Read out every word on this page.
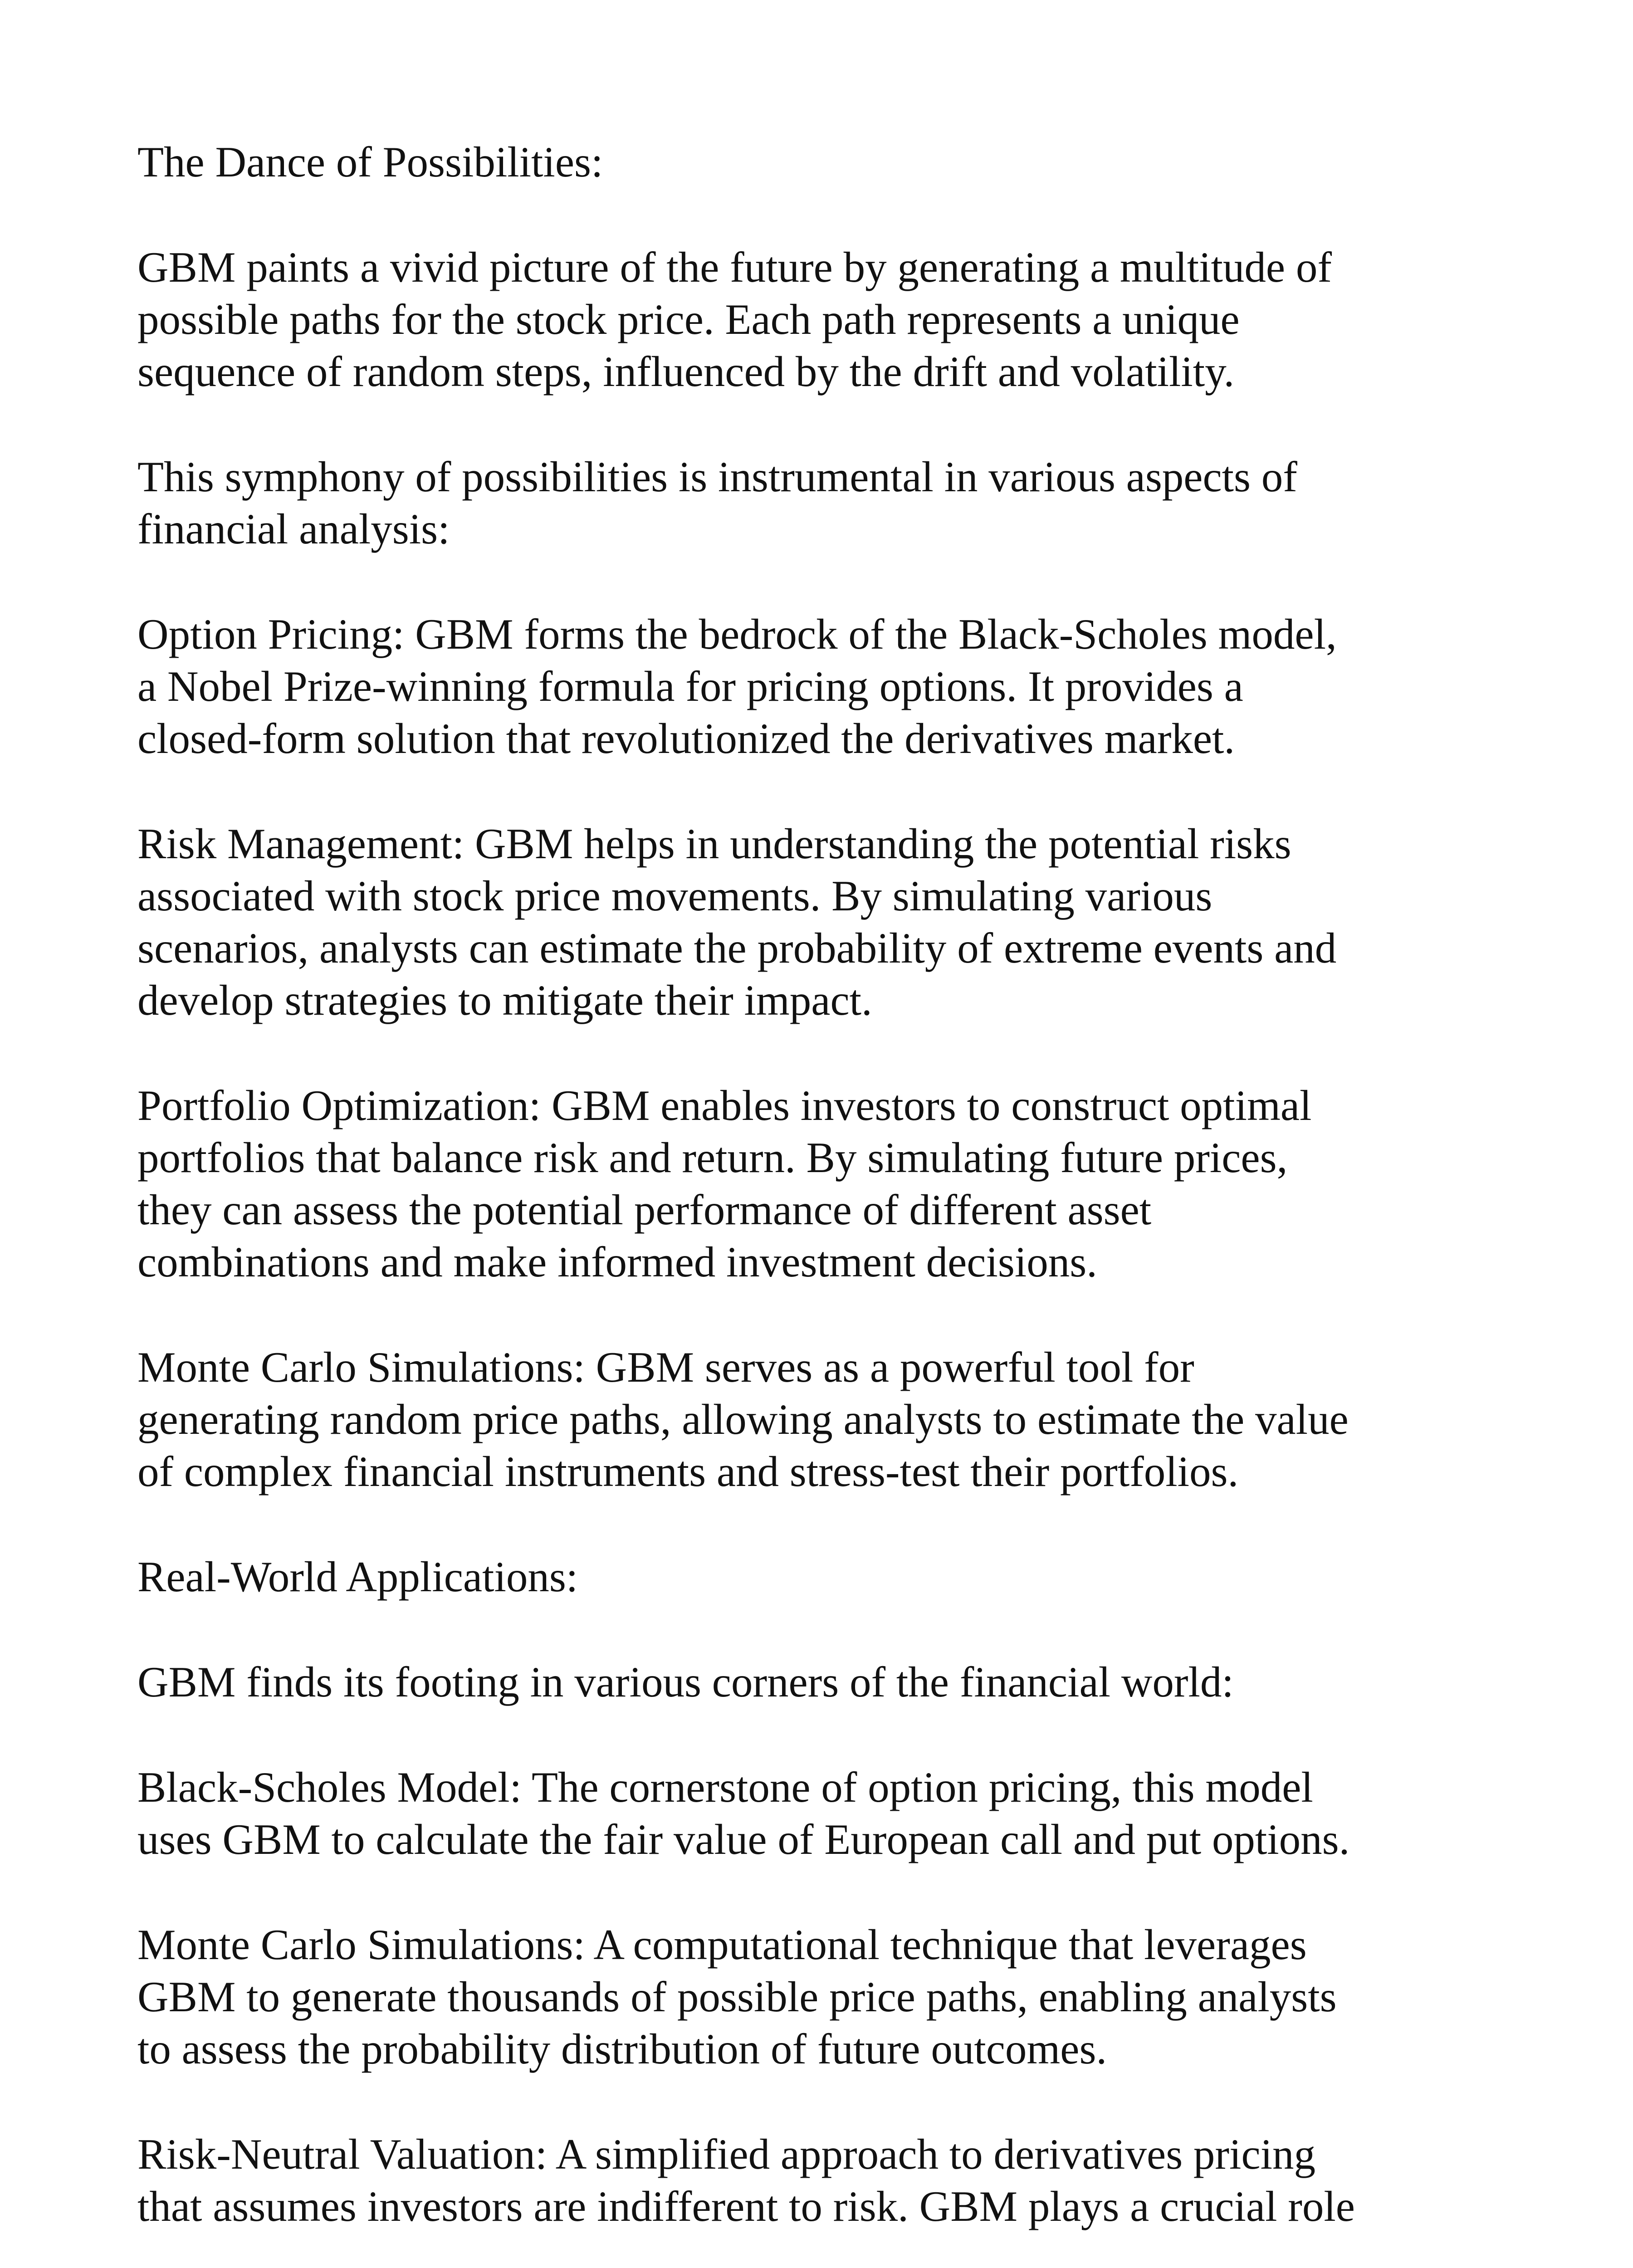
The Dance of Possibilities:

GBM paints a vivid picture of the future by generating a multitude of
possible paths for the stock price. Each path represents a unique
sequence of random steps, influenced by the drift and volatility.

This symphony of possibilities is instrumental in various aspects of
financial analysis:

Option Pricing: GBM forms the bedrock of the Black-Scholes model,
a Nobel Prize-winning formula for pricing options. It provides a
closed-form solution that revolutionized the derivatives market.

Risk Management: GBM helps in understanding the potential risks
associated with stock price movements. By simulating various
scenarios, analysts can estimate the probability of extreme events and
develop strategies to mitigate their impact.

Portfolio Optimization: GBM enables investors to construct optimal
portfolios that balance risk and return. By simulating future prices,
they can assess the potential performance of different asset
combinations and make informed investment decisions.

Monte Carlo Simulations: GBM serves as a powerful tool for
generating random price paths, allowing analysts to estimate the value
of complex financial instruments and stress-test their portfolios.

Real-World Applications:

GBM finds its footing in various corners of the financial world:

Black-Scholes Model: The cornerstone of option pricing, this model
uses GBM to calculate the fair value of European call and put options.

Monte Carlo Simulations: A computational technique that leverages
GBM to generate thousands of possible price paths, enabling analysts
to assess the probability distribution of future outcomes.

Risk-Neutral Valuation: A simplified approach to derivatives pricing
that assumes investors are indifferent to risk. GBM plays a crucial role
